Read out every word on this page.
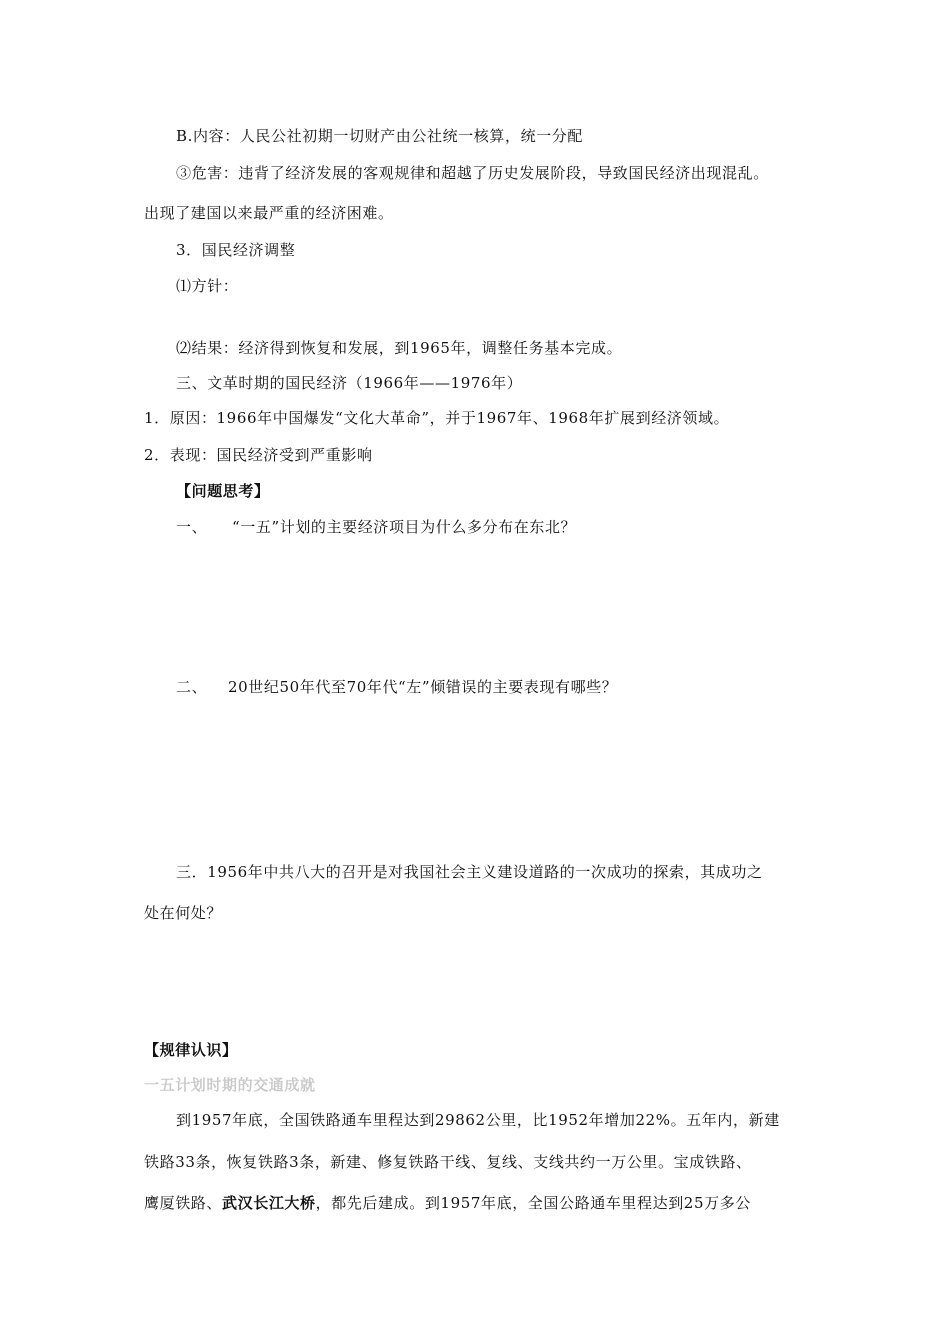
B.内容：人民公社初期一切财产由公社统一核算，统一分配
③危害：违背了经济发展的客观规律和超越了历史发展阶段，导致国民经济出现混乱。
出现了建国以来最严重的经济困难。
3．国民经济调整
⑴方针：
⑵结果：经济得到恢复和发展，到1965年，调整任务基本完成。
三、文革时期的国民经济（1966年——1976年）
1．原因：1966年中国爆发“文化大革命”，并于1967年、1968年扩展到经济领域。
2．表现：国民经济受到严重影响
【问题思考】
一、 “一五”计划的主要经济项目为什么多分布在东北？
二、 20世纪50年代至70年代“左”倾错误的主要表现有哪些？
三．1956年中共八大的召开是对我国社会主义建设道路的一次成功的探索，其成功之
处在何处？
【规律认识】
一五计划时期的交通成就
到1957年底，全国铁路通车里程达到29862公里，比1952年增加22%。五年内，新建
铁路33条，恢复铁路3条，新建、修复铁路干线、复线、支线共约一万公里。宝成铁路、
鹰厦铁路、武汉长江大桥，都先后建成。到1957年底，全国公路通车里程达到25万多公
